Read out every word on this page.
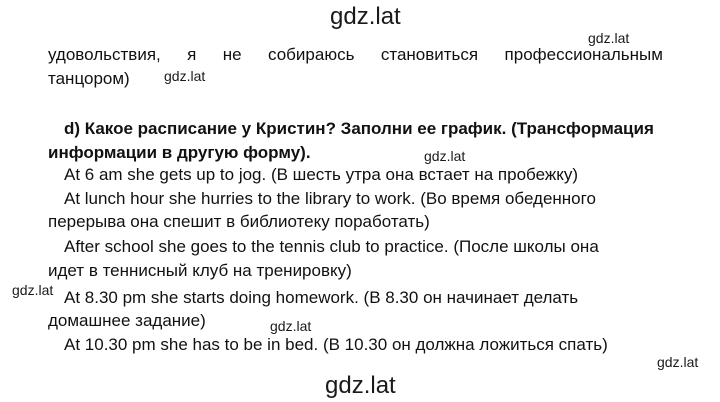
gdz.lat
gdz.lat
gdz.lat
gdz.lat
gdz.lat
gdz.lat
gdz.lat
gdz.lat
удовольствия, я не собираюсь становиться профессиональным
танцором)
d) Какое расписание у Кристин? Заполни ее график. (Трансформация
информации в другую форму).
At 6 am she gets up to jog. (В шесть утра она встает на пробежку)
At lunch hour she hurries to the library to work. (Во время обеденного
перерыва она спешит в библиотеку поработать)
After school she goes to the tennis club to practice. (После школы она
идет в теннисный клуб на тренировку)
At 8.30 pm she starts doing homework. (В 8.30 он начинает делать
домашнее задание)
At 10.30 pm she has to be in bed. (В 10.30 он должна ложиться спать)
